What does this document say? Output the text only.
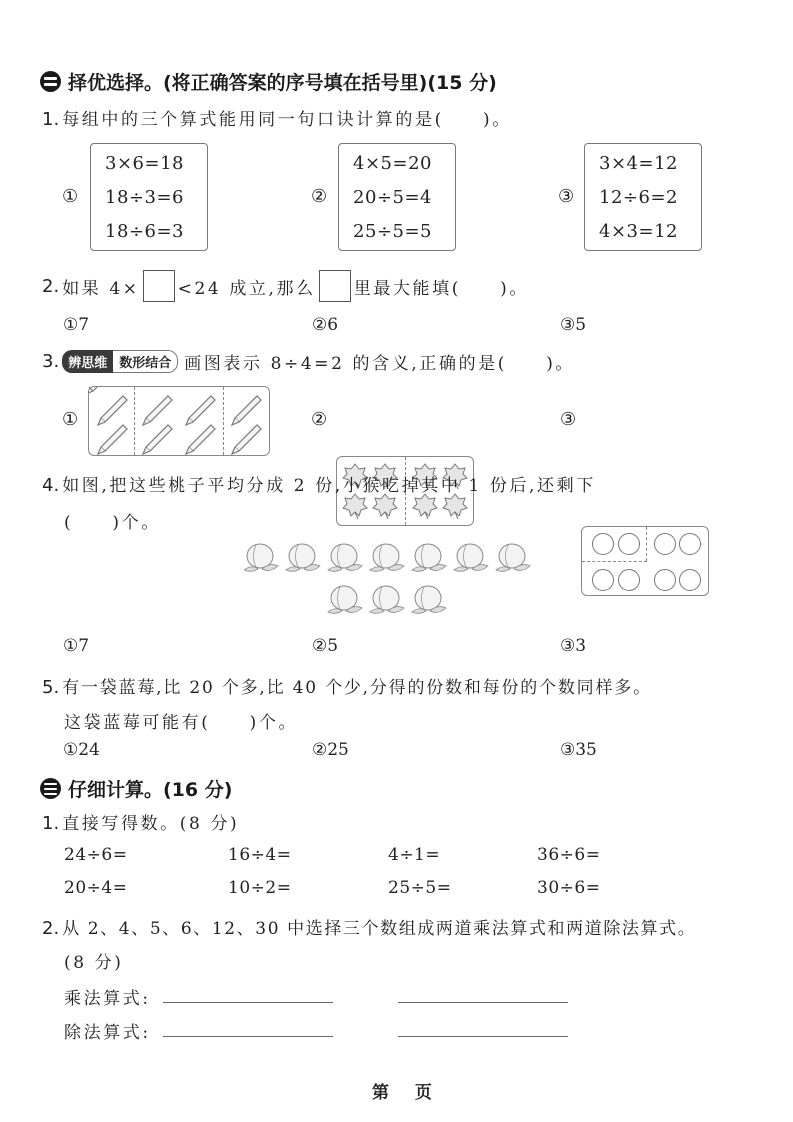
择优选择。(将正确答案的序号填在括号里)(15 分)
1. 每组中的三个算式能用同一句口诀计算的是(　　)。
①
3×6=18
18÷3=6
18÷6=3
②
4×5=20
20÷5=4
25÷5=5
③
3×4=12
12÷6=2
4×3=12
2. 如果 4× <24 成立,那么 里最大能填(　　)。
①7	②6	③5
3. 辨思维 数形结合 画图表示 8÷4=2 的含义,正确的是(　　)。
①	②	③
4. 如图,把这些桃子平均分成 2 份,小猴吃掉其中 1 份后,还剩下
(　　)个。
①7	②5	③3
5. 有一袋蓝莓,比 20 个多,比 40 个少,分得的份数和每份的个数同样多。
这袋蓝莓可能有(　　)个。
①24	②25	③35
仔细计算。(16 分)
1. 直接写得数。(8 分)
24÷6=	16÷4=	4÷1=	36÷6=
20÷4=	10÷2=	25÷5=	30÷6=
2. 从 2、4、5、6、12、30 中选择三个数组成两道乘法算式和两道除法算式。
(8 分)
乘法算式:
除法算式:
第 页
